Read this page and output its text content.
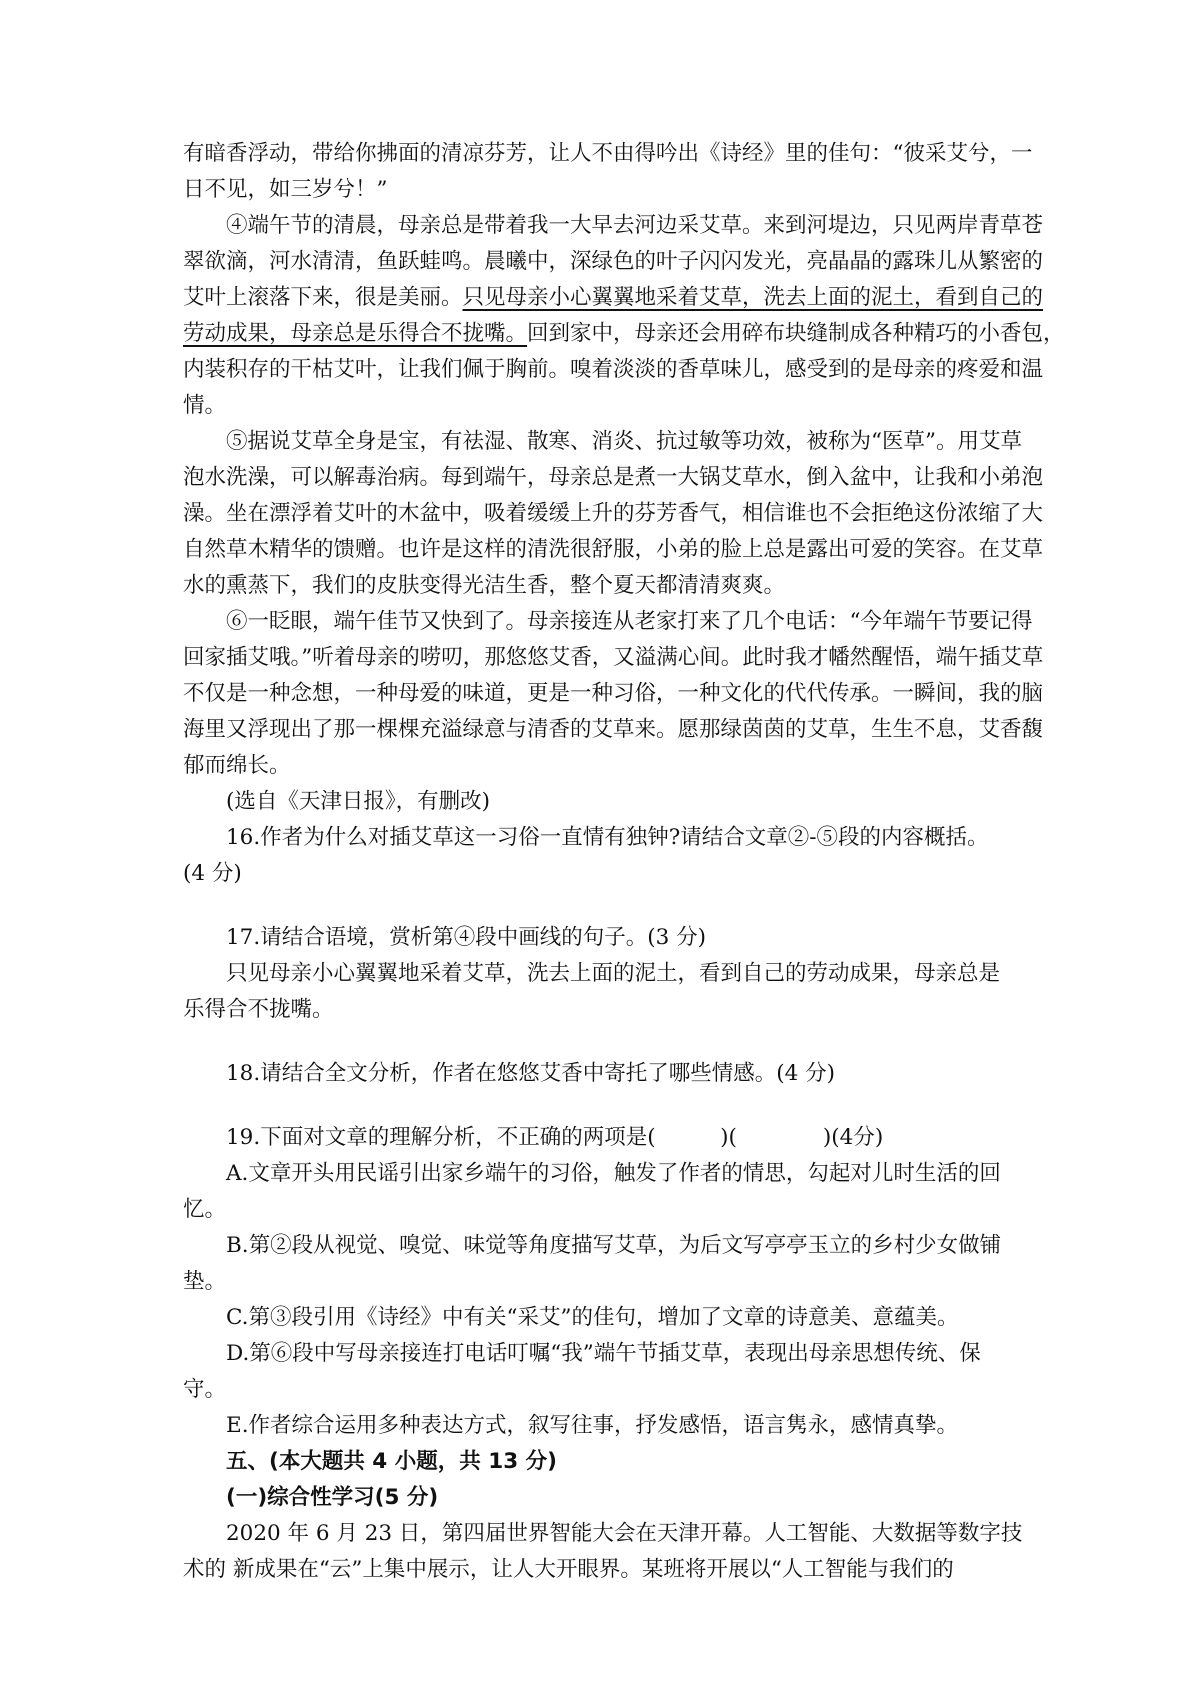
有暗香浮动，带给你拂面的清凉芬芳，让人不由得吟出《诗经》里的佳句：“彼采艾兮，一
日不见，如三岁兮！”
④端午节的清晨，母亲总是带着我一大早去河边采艾草。来到河堤边，只见两岸青草苍
翠欲滴，河水清清，鱼跃蛙鸣。晨曦中，深绿色的叶子闪闪发光，亮晶晶的露珠儿从繁密的
艾叶上滚落下来，很是美丽。只见母亲小心翼翼地采着艾草，洗去上面的泥土，看到自己的
劳动成果，母亲总是乐得合不拢嘴。回到家中，母亲还会用碎布块缝制成各种精巧的小香包，
内装积存的干枯艾叶，让我们佩于胸前。嗅着淡淡的香草味儿，感受到的是母亲的疼爱和温
情。
⑤据说艾草全身是宝，有祛湿、散寒、消炎、抗过敏等功效，被称为“医草”。用艾草
泡水洗澡，可以解毒治病。每到端午，母亲总是煮一大锅艾草水，倒入盆中，让我和小弟泡
澡。坐在漂浮着艾叶的木盆中，吸着缓缓上升的芬芳香气，相信谁也不会拒绝这份浓缩了大
自然草木精华的馈赠。也许是这样的清洗很舒服，小弟的脸上总是露出可爱的笑容。在艾草
水的熏蒸下，我们的皮肤变得光洁生香，整个夏天都清清爽爽。
⑥一眨眼，端午佳节又快到了。母亲接连从老家打来了几个电话：“今年端午节要记得
回家插艾哦。”听着母亲的唠叨，那悠悠艾香，又溢满心间。此时我才幡然醒悟，端午插艾草
不仅是一种念想，一种母爱的味道，更是一种习俗，一种文化的代代传承。一瞬间，我的脑
海里又浮现出了那一棵棵充溢绿意与清香的艾草来。愿那绿茵茵的艾草，生生不息，艾香馥
郁而绵长。
(选自《天津日报》，有删改)
16.作者为什么对插艾草这一习俗一直情有独钟?请结合文章②-⑤段的内容概括。
(4 分)
17.请结合语境，赏析第④段中画线的句子。(3 分)
只见母亲小心翼翼地采着艾草，洗去上面的泥土，看到自己的劳动成果，母亲总是
乐得合不拢嘴。
18.请结合全文分析，作者在悠悠艾香中寄托了哪些情感。(4 分)
19.下面对文章的理解分析，不正确的两项是(　　　)(　　　　)(4分)
A.文章开头用民谣引出家乡端午的习俗，触发了作者的情思，勾起对儿时生活的回
忆。
B.第②段从视觉、嗅觉、味觉等角度描写艾草，为后文写亭亭玉立的乡村少女做铺
垫。
C.第③段引用《诗经》中有关“采艾”的佳句，增加了文章的诗意美、意蕴美。
D.第⑥段中写母亲接连打电话叮嘱“我”端午节插艾草，表现出母亲思想传统、保
守。
E.作者综合运用多种表达方式，叙写往事，抒发感悟，语言隽永，感情真挚。
五、(本大题共 4 小题，共 13 分)
(一)综合性学习(5 分)
2020 年 6 月 23 日，第四届世界智能大会在天津开幕。人工智能、大数据等数字技
术的 新成果在“云”上集中展示，让人大开眼界。某班将开展以“人工智能与我们的
